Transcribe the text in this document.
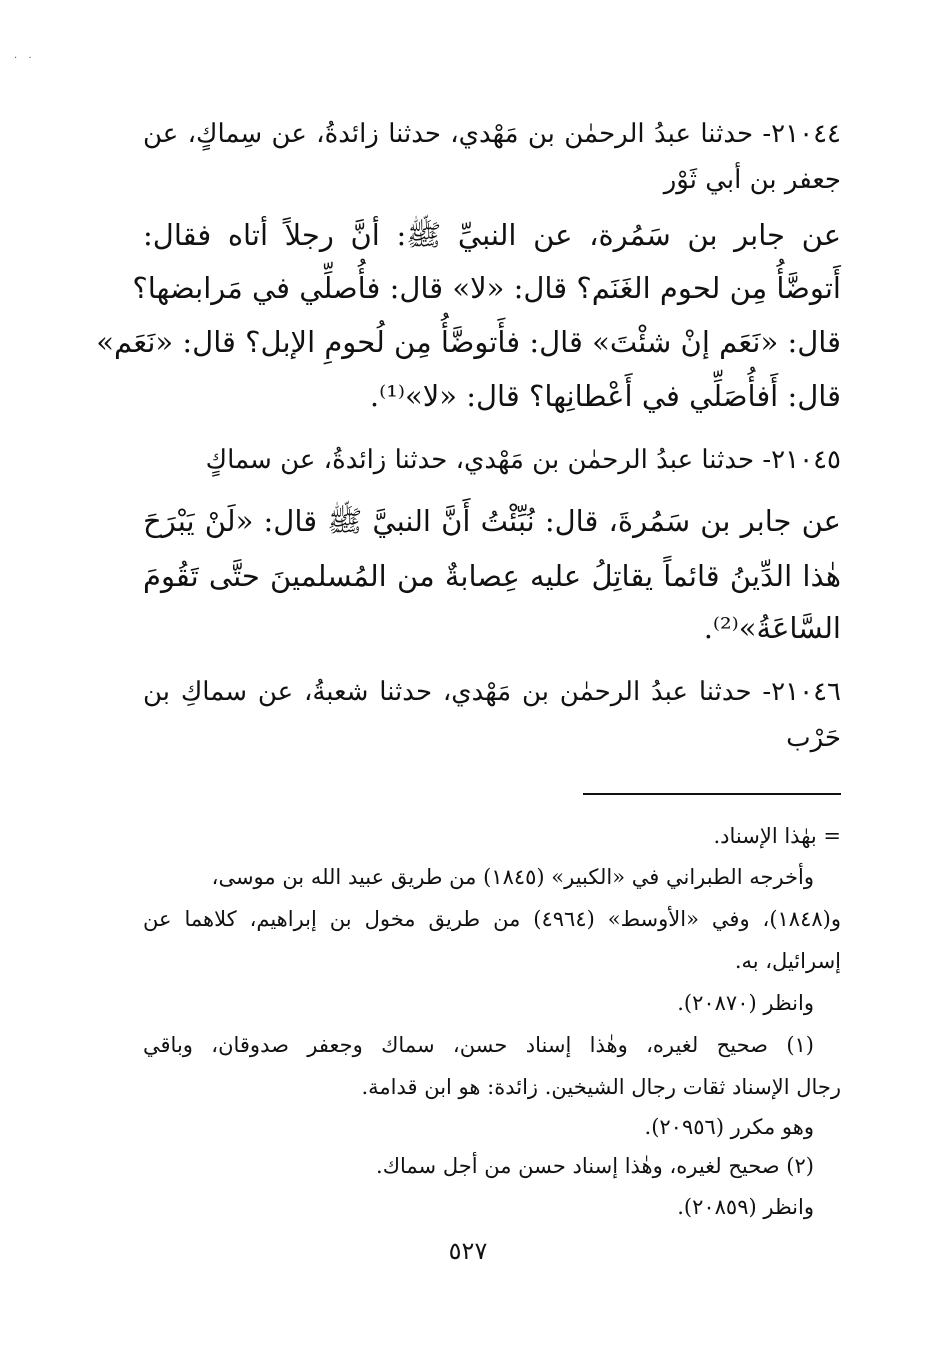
. .
٢١٠٤٤- حدثنا عبدُ الرحمٰن بن مَهْدي، حدثنا زائدةُ، عن سِماكٍ، عن
جعفر بن أبي ثَوْر
عن جابر بن سَمُرة، عن النبيِّ ﷺ: أنَّ رجلاً أتاه فقال:
أَتوضَّأُ مِن لحوم الغَنَم؟ قال: «لا» قال: فأُصلِّي في مَرابضها؟
قال: «نَعَم إنْ شئْتَ» قال: فأَتوضَّأُ مِن لُحومِ الإبل؟ قال: «نَعَم»
قال: أَفأُصَلِّي في أَعْطانِها؟ قال: «لا»⁽¹⁾.
٢١٠٤٥- حدثنا عبدُ الرحمٰن بن مَهْدي، حدثنا زائدةُ، عن سماكٍ
عن جابر بن سَمُرةَ، قال: نُبِّئْتُ أَنَّ النبيَّ ﷺ قال: «لَنْ يَبْرَحَ
هٰذا الدِّينُ قائماً يقاتِلُ عليه عِصابةٌ من المُسلمينَ حتَّى تَقُومَ
السَّاعَةُ»⁽²⁾.
٢١٠٤٦- حدثنا عبدُ الرحمٰن بن مَهْدي، حدثنا شعبةُ، عن سماكِ بن
حَرْب
= بهٰذا الإسناد.
وأخرجه الطبراني في «الكبير» (١٨٤٥) من طريق عبيد الله بن موسى،
و(١٨٤٨)، وفي «الأوسط» (٤٩٦٤) من طريق مخول بن إبراهيم، كلاهما عن
إسرائيل، به.
وانظر (٢٠٨٧٠).
(١) صحيح لغيره، وهٰذا إسناد حسن، سماك وجعفر صدوقان، وباقي
رجال الإسناد ثقات رجال الشيخين. زائدة: هو ابن قدامة.
وهو مكرر (٢٠٩٥٦).
(٢) صحيح لغيره، وهٰذا إسناد حسن من أجل سماك.
وانظر (٢٠٨٥٩).
٥٢٧
